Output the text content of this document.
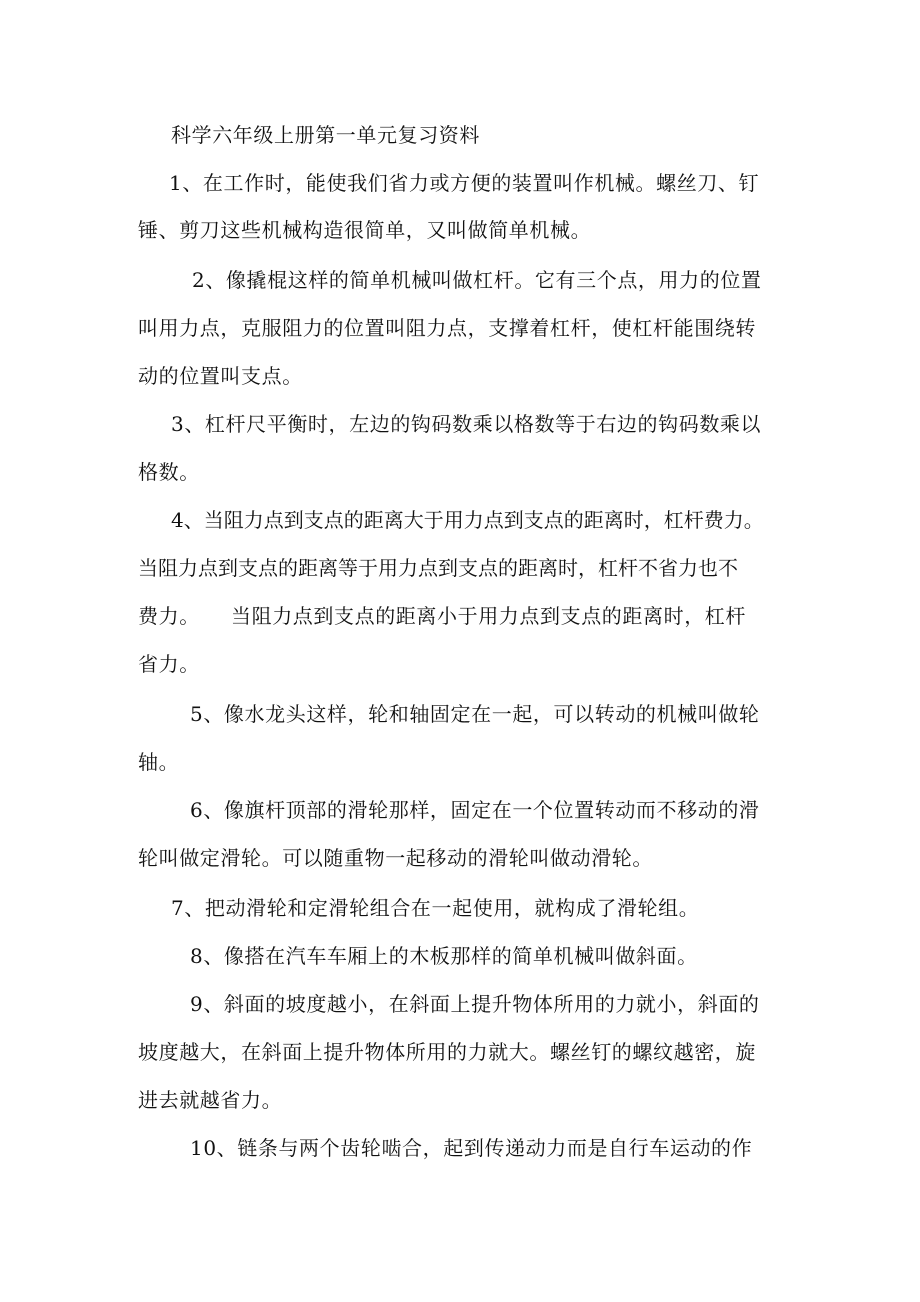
科学六年级上册第一单元复习资料
1、在工作时，能使我们省力或方便的装置叫作机械。螺丝刀、钉
锤、剪刀这些机械构造很简单，又叫做简单机械。
2、像撬棍这样的简单机械叫做杠杆。它有三个点，用力的位置
叫用力点，克服阻力的位置叫阻力点，支撑着杠杆，使杠杆能围绕转
动的位置叫支点。
3、杠杆尺平衡时，左边的钩码数乘以格数等于右边的钩码数乘以
格数。
4、当阻力点到支点的距离大于用力点到支点的距离时，杠杆费力。
当阻力点到支点的距离等于用力点到支点的距离时，杠杆不省力也不
费力。　　当阻力点到支点的距离小于用力点到支点的距离时，杠杆
省力。
5、像水龙头这样，轮和轴固定在一起，可以转动的机械叫做轮
轴。
6、像旗杆顶部的滑轮那样，固定在一个位置转动而不移动的滑
轮叫做定滑轮。可以随重物一起移动的滑轮叫做动滑轮。
7、把动滑轮和定滑轮组合在一起使用，就构成了滑轮组。
8、像搭在汽车车厢上的木板那样的简单机械叫做斜面。
9、斜面的坡度越小，在斜面上提升物体所用的力就小，斜面的
坡度越大，在斜面上提升物体所用的力就大。螺丝钉的螺纹越密，旋
进去就越省力。
10、链条与两个齿轮啮合，起到传递动力而是自行车运动的作
